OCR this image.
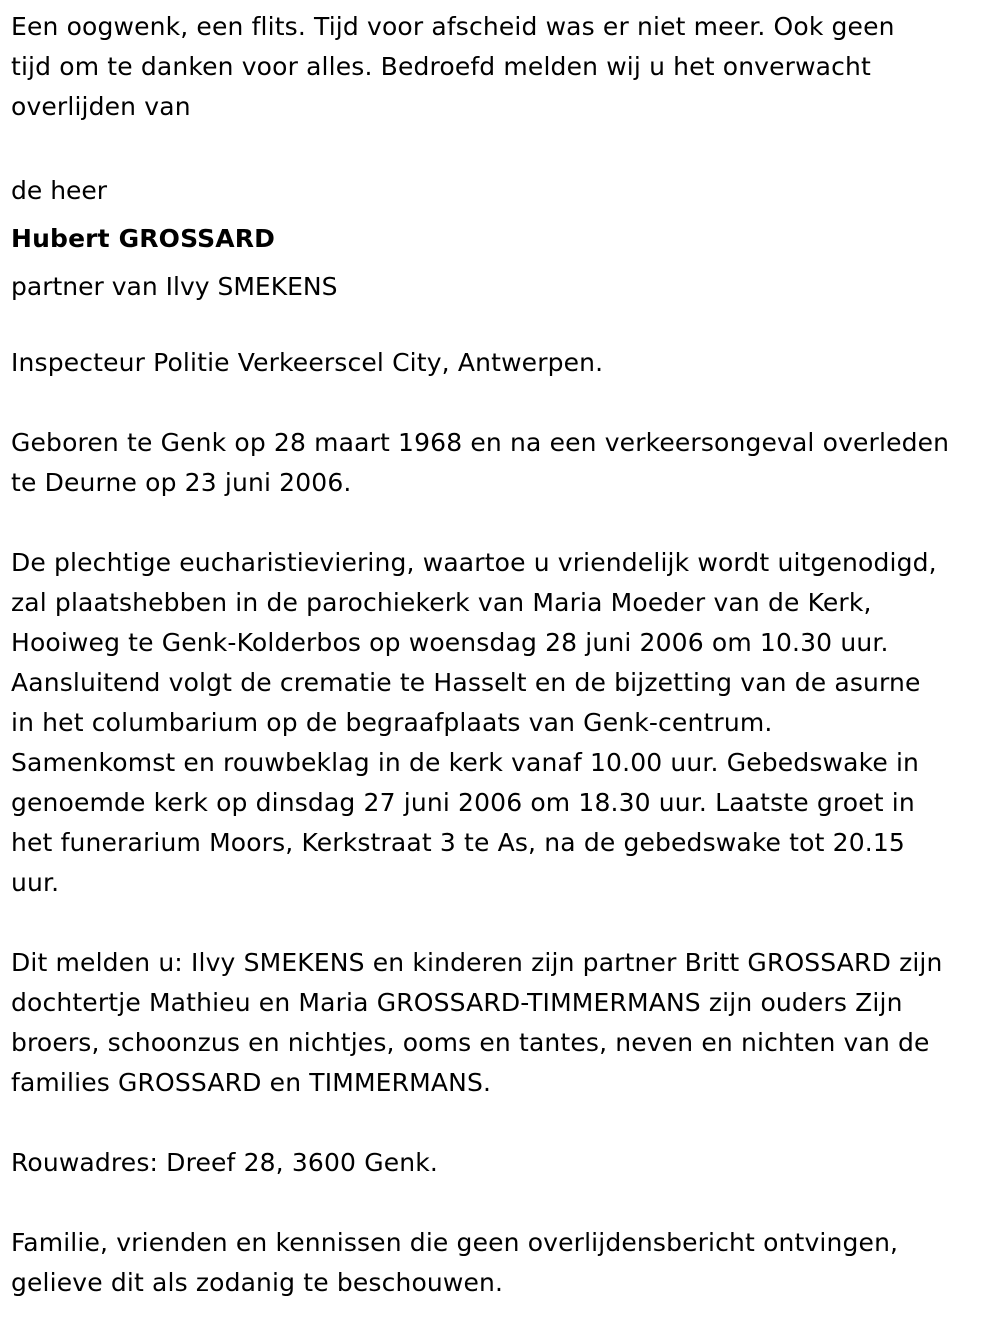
Een oogwenk, een flits. Tijd voor afscheid was er niet meer. Ook geen
tijd om te danken voor alles. Bedroefd melden wij u het onverwacht
overlijden van

de heer

Hubert GROSSARD

partner van Ilvy SMEKENS

Inspecteur Politie Verkeerscel City, Antwerpen.

Geboren te Genk op 28 maart 1968 en na een verkeersongeval overleden
te Deurne op 23 juni 2006.

De plechtige eucharistieviering, waartoe u vriendelijk wordt uitgenodigd,
zal plaatshebben in de parochiekerk van Maria Moeder van de Kerk,
Hooiweg te Genk-Kolderbos op woensdag 28 juni 2006 om 10.30 uur.
Aansluitend volgt de crematie te Hasselt en de bijzetting van de asurne
in het columbarium op de begraafplaats van Genk-centrum.
Samenkomst en rouwbeklag in de kerk vanaf 10.00 uur. Gebedswake in
genoemde kerk op dinsdag 27 juni 2006 om 18.30 uur. Laatste groet in
het funerarium Moors, Kerkstraat 3 te As, na de gebedswake tot 20.15
uur.

Dit melden u: Ilvy SMEKENS en kinderen zijn partner Britt GROSSARD zijn
dochtertje Mathieu en Maria GROSSARD-TIMMERMANS zijn ouders Zijn
broers, schoonzus en nichtjes, ooms en tantes, neven en nichten van de
families GROSSARD en TIMMERMANS.

Rouwadres: Dreef 28, 3600 Genk.

Familie, vrienden en kennissen die geen overlijdensbericht ontvingen,
gelieve dit als zodanig te beschouwen.
